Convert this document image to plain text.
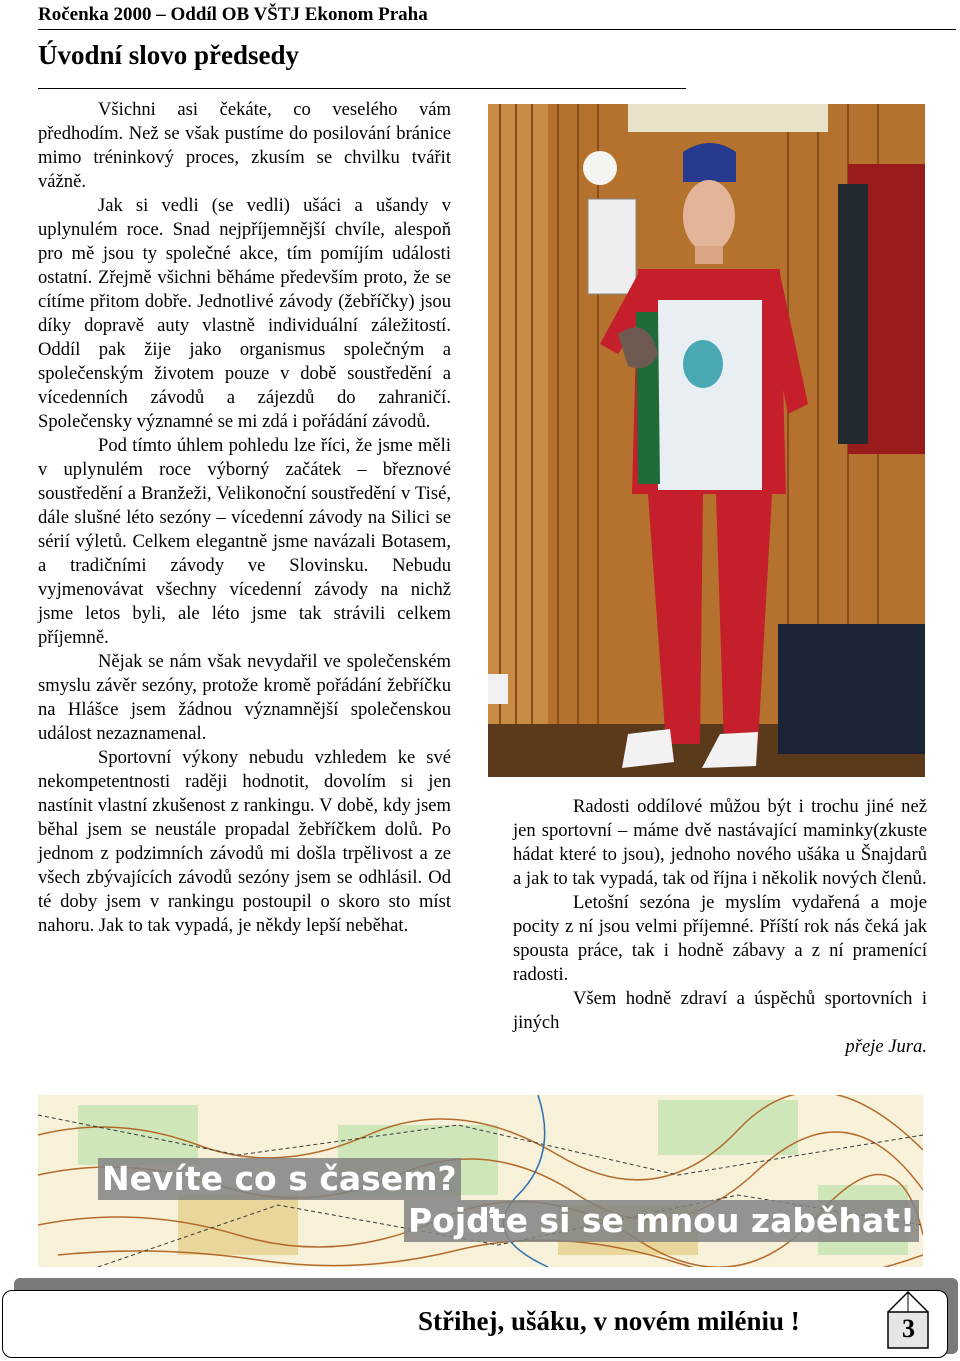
Ročenka 2000 – Oddíl OB VŠTJ Ekonom Praha
Úvodní slovo předsedy

Všichni asi čekáte, co veselého vám předhodím. Než se však pustíme do posilování bránice mimo tréninkový proces, zkusím se chvilku tvářit vážně.

Jak si vedli (se vedli) ušáci a ušandy v uplynulém roce. Snad nejpříjemnější chvíle, alespoň pro mě jsou ty společné akce, tím pomíjím události ostatní. Zřejmě všichni běháme především proto, že se cítíme přitom dobře. Jednotlivé závody (žebříčky) jsou díky dopravě auty vlastně individuální záležitostí. Oddíl pak žije jako organismus společným a společenským životem pouze v době soustředění a vícedenních závodů a zájezdů do zahraničí. Společensky významné se mi zdá i pořádání závodů.

Pod tímto úhlem pohledu lze říci, že jsme měli v uplynulém roce výborný začátek – březnové soustředění a Branžeži, Velikonoční soustředění v Tisé, dále slušné léto sezóny – vícedenní závody na Silici se sérií výletů. Celkem elegantně jsme navázali Botasem, a tradičními závody ve Slovinsku. Nebudu vyjmenovávat všechny vícedenní závody na nichž jsme letos byli, ale léto jsme tak strávili celkem příjemně.

Nějak se nám však nevydařil ve společenském smyslu závěr sezóny, protože kromě pořádání žebříčku na Hlášce jsem žádnou významnější společenskou událost nezaznamenal.

Sportovní výkony nebudu vzhledem ke své nekompetentnosti raději hodnotit, dovolím si jen nastínit vlastní zkušenost z rankingu. V době, kdy jsem běhal jsem se neustále propadal žebříčkem dolů. Po jednom z podzimních závodů mi došla trpělivost a ze všech zbývajících závodů sezóny jsem se odhlásil. Od té doby jsem v rankingu postoupil o skoro sto míst nahoru. Jak to tak vypadá, je někdy lepší neběhat.

Radosti oddílové můžou být i trochu jiné než jen sportovní – máme dvě nastávající maminky(zkuste hádat které to jsou), jednoho nového ušáka u Šnajdarů a jak to tak vypadá, tak od října i několik nových členů.

Letošní sezóna je myslím vydařená a moje pocity z ní jsou velmi příjemné. Příští rok nás čeká jak spousta práce, tak i hodně zábavy a z ní pramenící radosti.

Všem hodně zdraví a úspěchů sportovních i jiných

přeje Jura.

Nevíte co s časem?
Pojďte si se mnou zaběhat!
Střihej, ušáku, v novém miléniu !	3
